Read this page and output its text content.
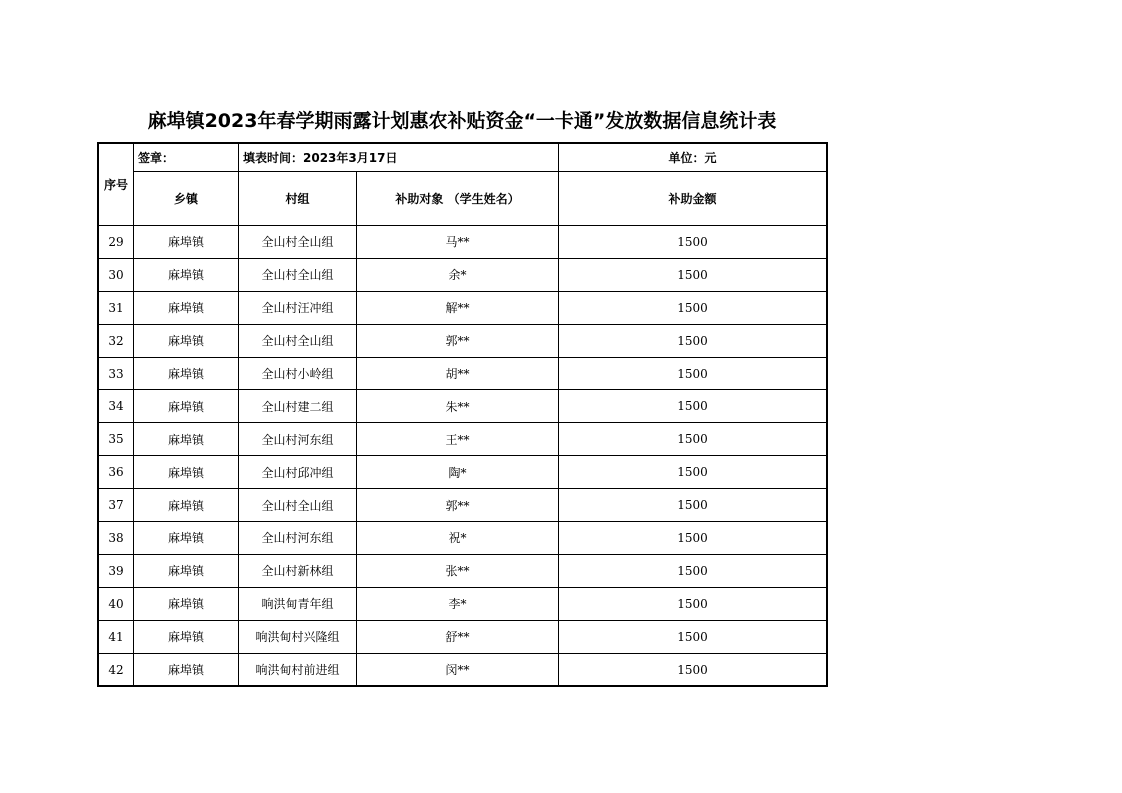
麻埠镇2023年春学期雨露计划惠农补贴资金“一卡通”发放数据信息统计表
序号	签章：	填表时间：2023年3月17日		单位：元
	乡镇	村组	补助对象 （学生姓名）	补助金额
29	麻埠镇	全山村全山组	马**	1500
30	麻埠镇	全山村全山组	余*	1500
31	麻埠镇	全山村汪冲组	解**	1500
32	麻埠镇	全山村全山组	郭**	1500
33	麻埠镇	全山村小岭组	胡**	1500
34	麻埠镇	全山村建二组	朱**	1500
35	麻埠镇	全山村河东组	王**	1500
36	麻埠镇	全山村邱冲组	陶*	1500
37	麻埠镇	全山村全山组	郭**	1500
38	麻埠镇	全山村河东组	祝*	1500
39	麻埠镇	全山村新林组	张**	1500
40	麻埠镇	响洪甸青年组	李*	1500
41	麻埠镇	响洪甸村兴隆组	舒**	1500
42	麻埠镇	响洪甸村前进组	闵**	1500
